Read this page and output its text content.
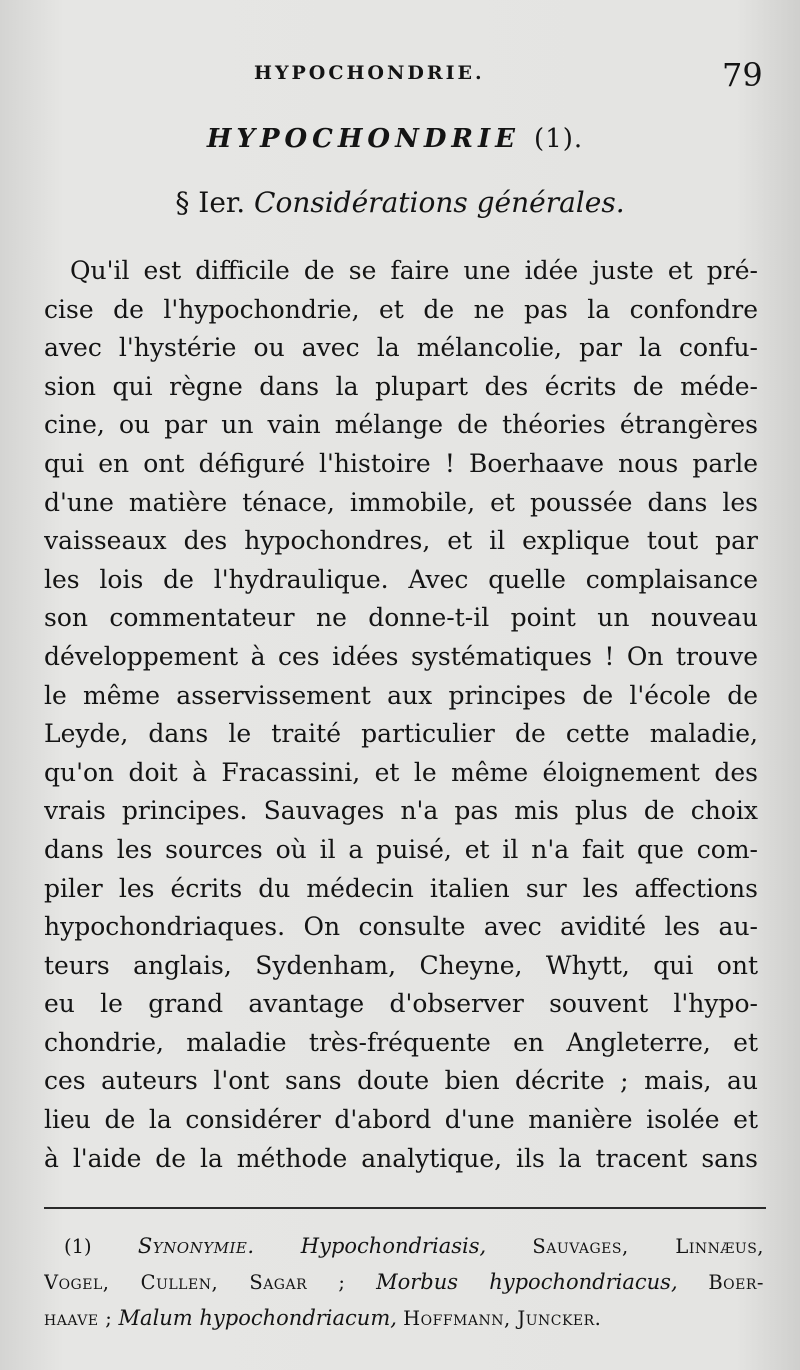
HYPOCHONDRIE.	79
HYPOCHONDRIE (1).
§ Ier. Considérations générales.
Qu'il est difficile de se faire une idée juste et pré-
cise de l'hypochondrie, et de ne pas la confondre
avec l'hystérie ou avec la mélancolie, par la confu-
sion qui règne dans la plupart des écrits de méde-
cine, ou par un vain mélange de théories étrangères
qui en ont défiguré l'histoire ! Boerhaave nous parle
d'une matière ténace, immobile, et poussée dans les
vaisseaux des hypochondres, et il explique tout par
les lois de l'hydraulique. Avec quelle complaisance
son commentateur ne donne-t-il point un nouveau
développement à ces idées systématiques ! On trouve
le même asservissement aux principes de l'école de
Leyde, dans le traité particulier de cette maladie,
qu'on doit à Fracassini, et le même éloignement des
vrais principes. Sauvages n'a pas mis plus de choix
dans les sources où il a puisé, et il n'a fait que com-
piler les écrits du médecin italien sur les affections
hypochondriaques. On consulte avec avidité les au-
teurs anglais, Sydenham, Cheyne, Whytt, qui ont
eu le grand avantage d'observer souvent l'hypo-
chondrie, maladie très-fréquente en Angleterre, et
ces auteurs l'ont sans doute bien décrite ; mais, au
lieu de la considérer d'abord d'une manière isolée et
à l'aide de la méthode analytique, ils la tracent sans
(1) Synonymie. Hypochondriasis, Sauvages, Linnæus,
Vogel, Cullen, Sagar ; Morbus hypochondriacus, Boer-
haave ; Malum hypochondriacum, Hoffmann, Juncker.
